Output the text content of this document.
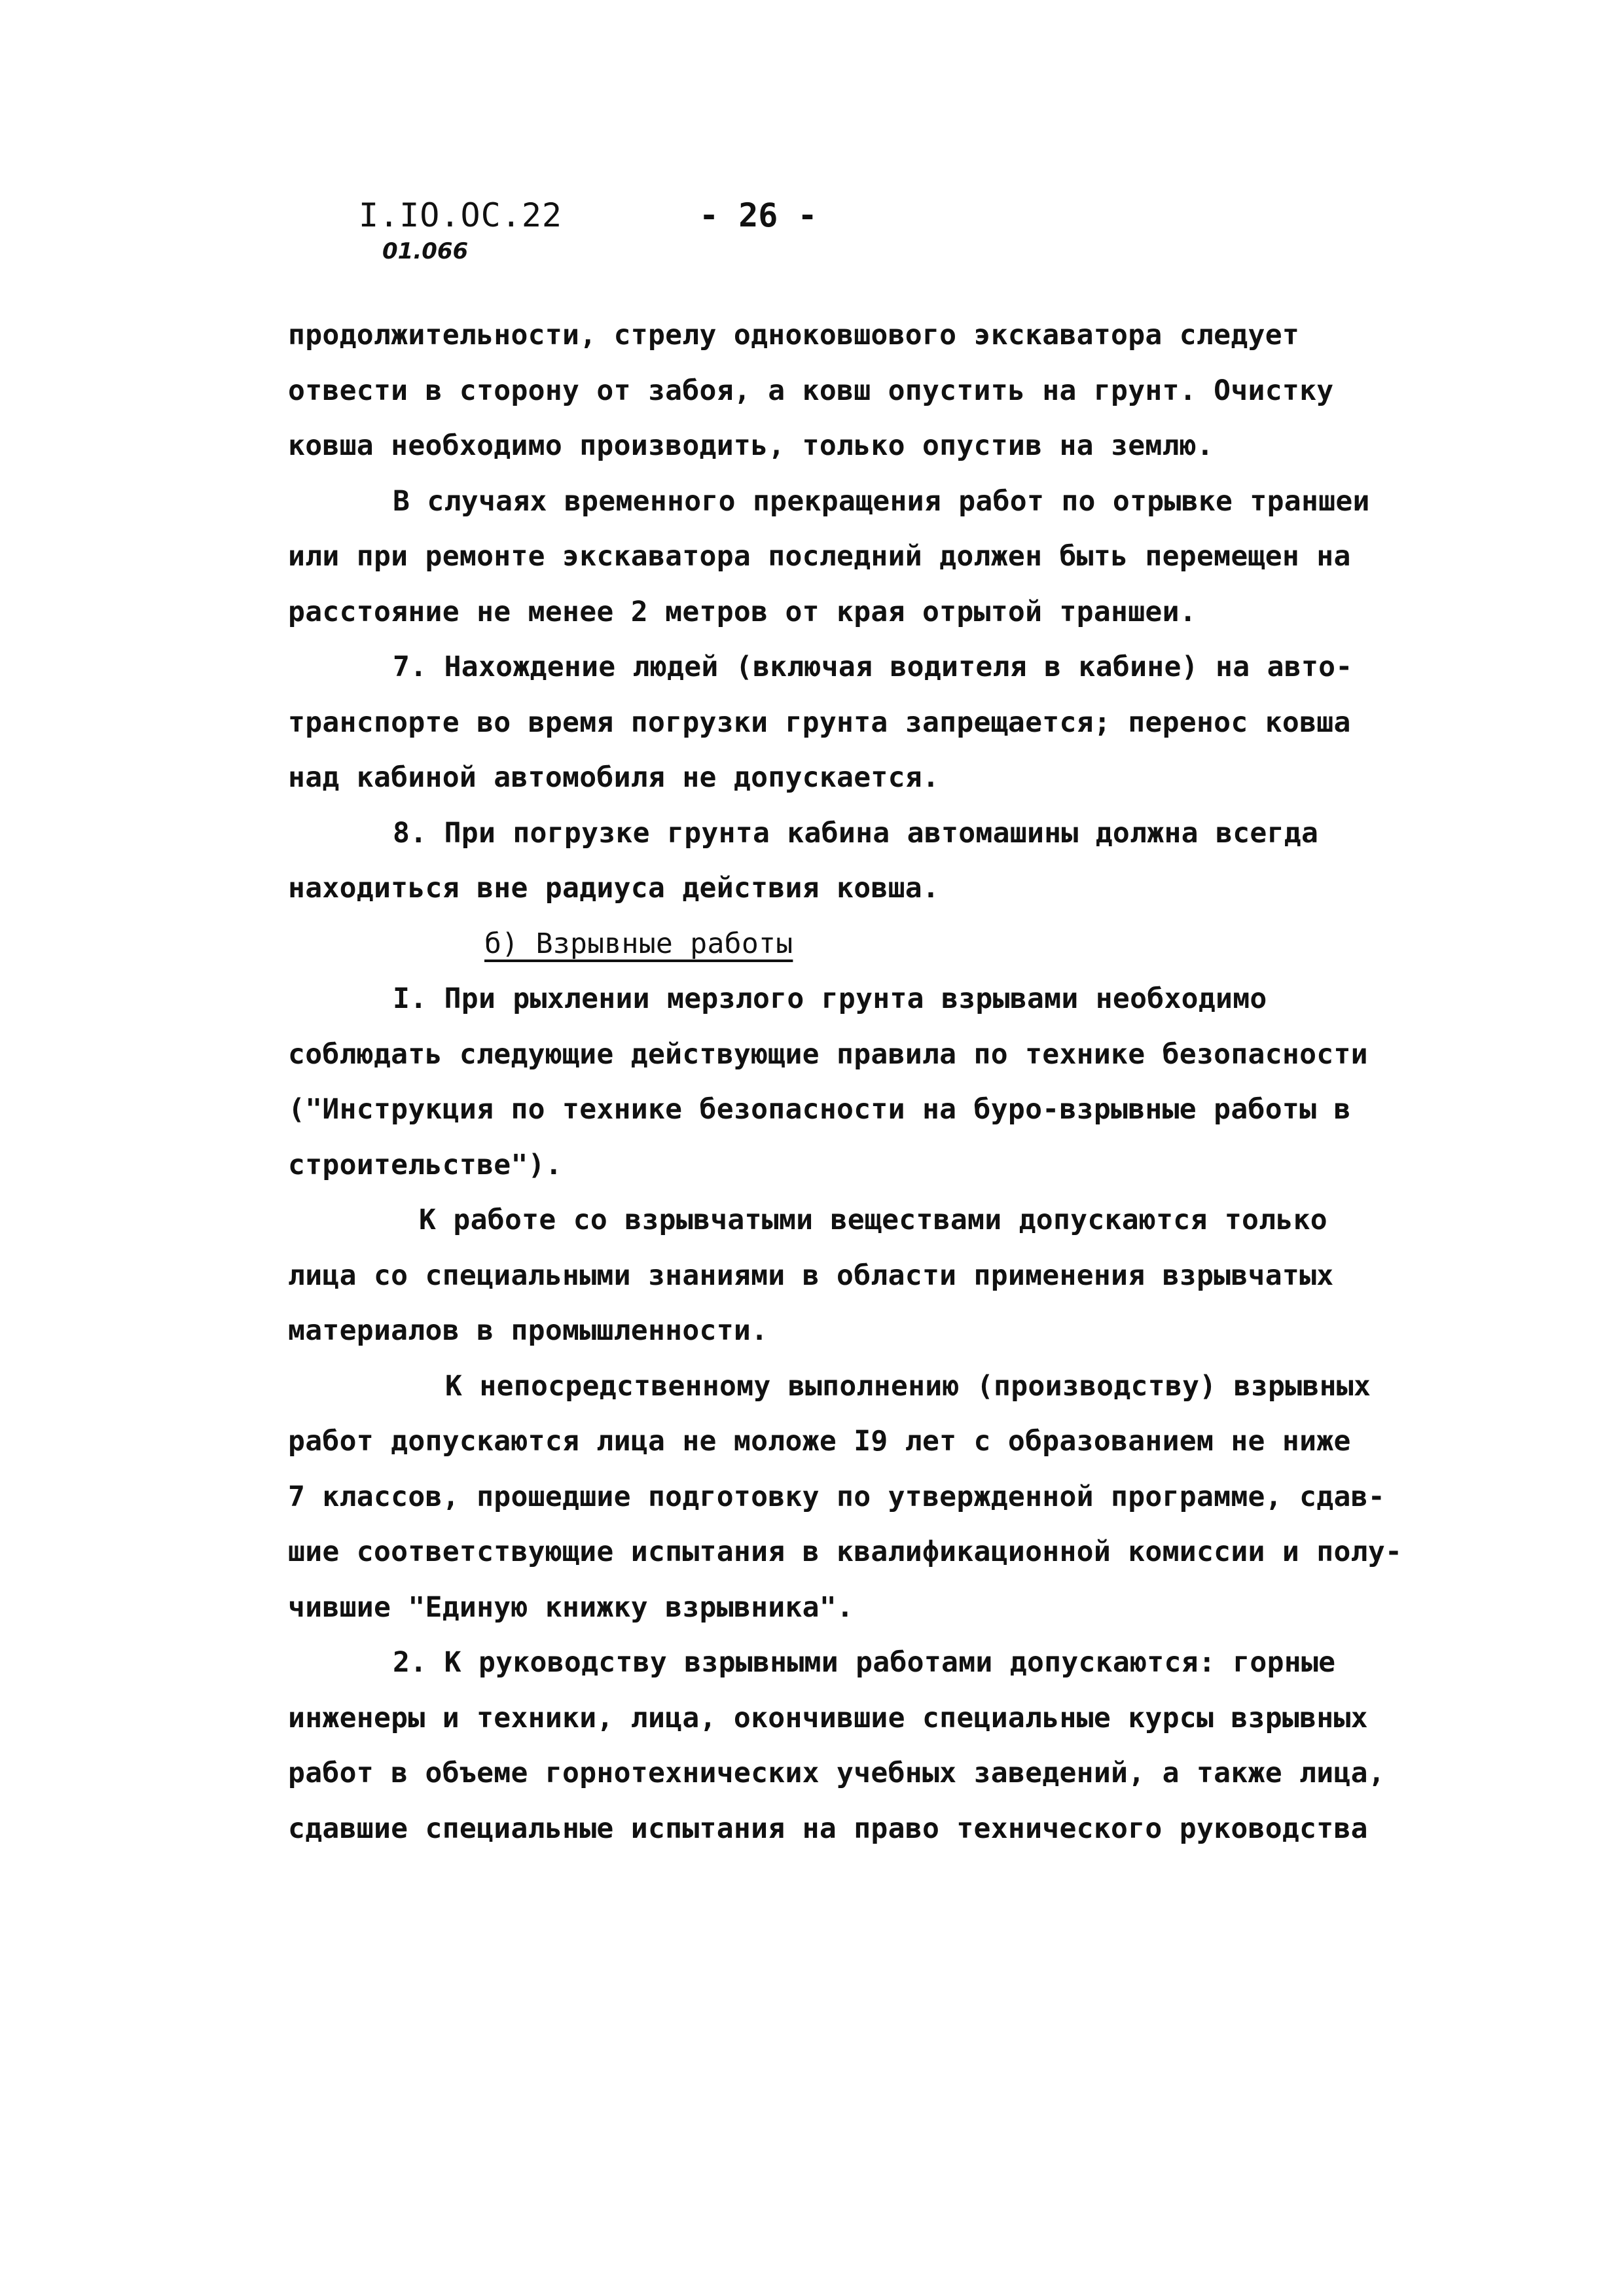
I.IO.OC.22
01.066
- 26 -

продолжительности, стрелу одноковшового экскаватора следует
отвести в сторону от забоя, а ковш опустить на грунт. Очистку
ковша необходимо производить, только опустив на землю.

В случаях временного прекращения работ по отрывке траншеи
или при ремонте экскаватора последний должен быть перемещен на
расстояние не менее 2 метров от края отрытой траншеи.

7. Нахождение людей (включая водителя в кабине) на авто-
транспорте во время погрузки грунта запрещается; перенос ковша
над кабиной автомобиля не допускается.

8. При погрузке грунта кабина автомашины должна всегда
находиться вне радиуса действия ковша.

б) Взрывные работы

I. При рыхлении мерзлого грунта взрывами необходимо
соблюдать следующие действующие правила по технике безопасности
("Инструкция по технике безопасности на буро-взрывные работы в
строительстве").

К работе со взрывчатыми веществами допускаются только
лица со специальными знаниями в области применения взрывчатых
материалов в промышленности.

К непосредственному выполнению (производству) взрывных
работ допускаются лица не моложе I9 лет с образованием не ниже
7 классов, прошедшие подготовку по утвержденной программе, сдав-
шие соответствующие испытания в квалификационной комиссии и полу-
чившие "Единую книжку взрывника".

2. К руководству взрывными работами допускаются: горные
инженеры и техники, лица, окончившие специальные курсы взрывных
работ в объеме горнотехнических учебных заведений, а также лица,
сдавшие специальные испытания на право технического руководства
